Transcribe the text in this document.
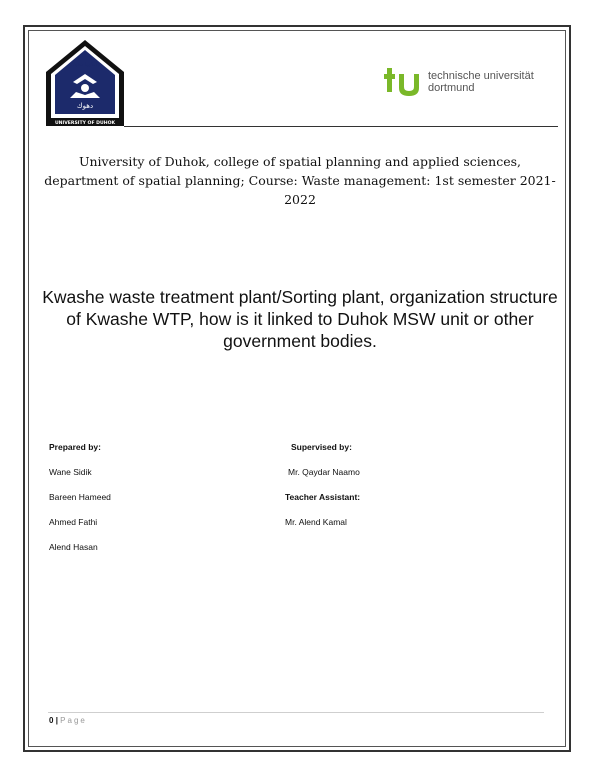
دهوك
زانكويا دهوك
UNIVERSITY OF DUHOK
technische universität
dortmund
University of Duhok, college of spatial planning and applied sciences, department of spatial planning; Course: Waste management: 1st semester 2021-2022
Kwashe waste treatment plant/Sorting plant, organization structure of Kwashe WTP, how is it linked to Duhok MSW unit or other government bodies.
Prepared by:
Wane Sidik
Bareen Hameed
Ahmed Fathi
Alend Hasan
Supervised by:
Mr. Qaydar Naamo
Teacher Assistant:
Mr. Alend Kamal
0 | Page
